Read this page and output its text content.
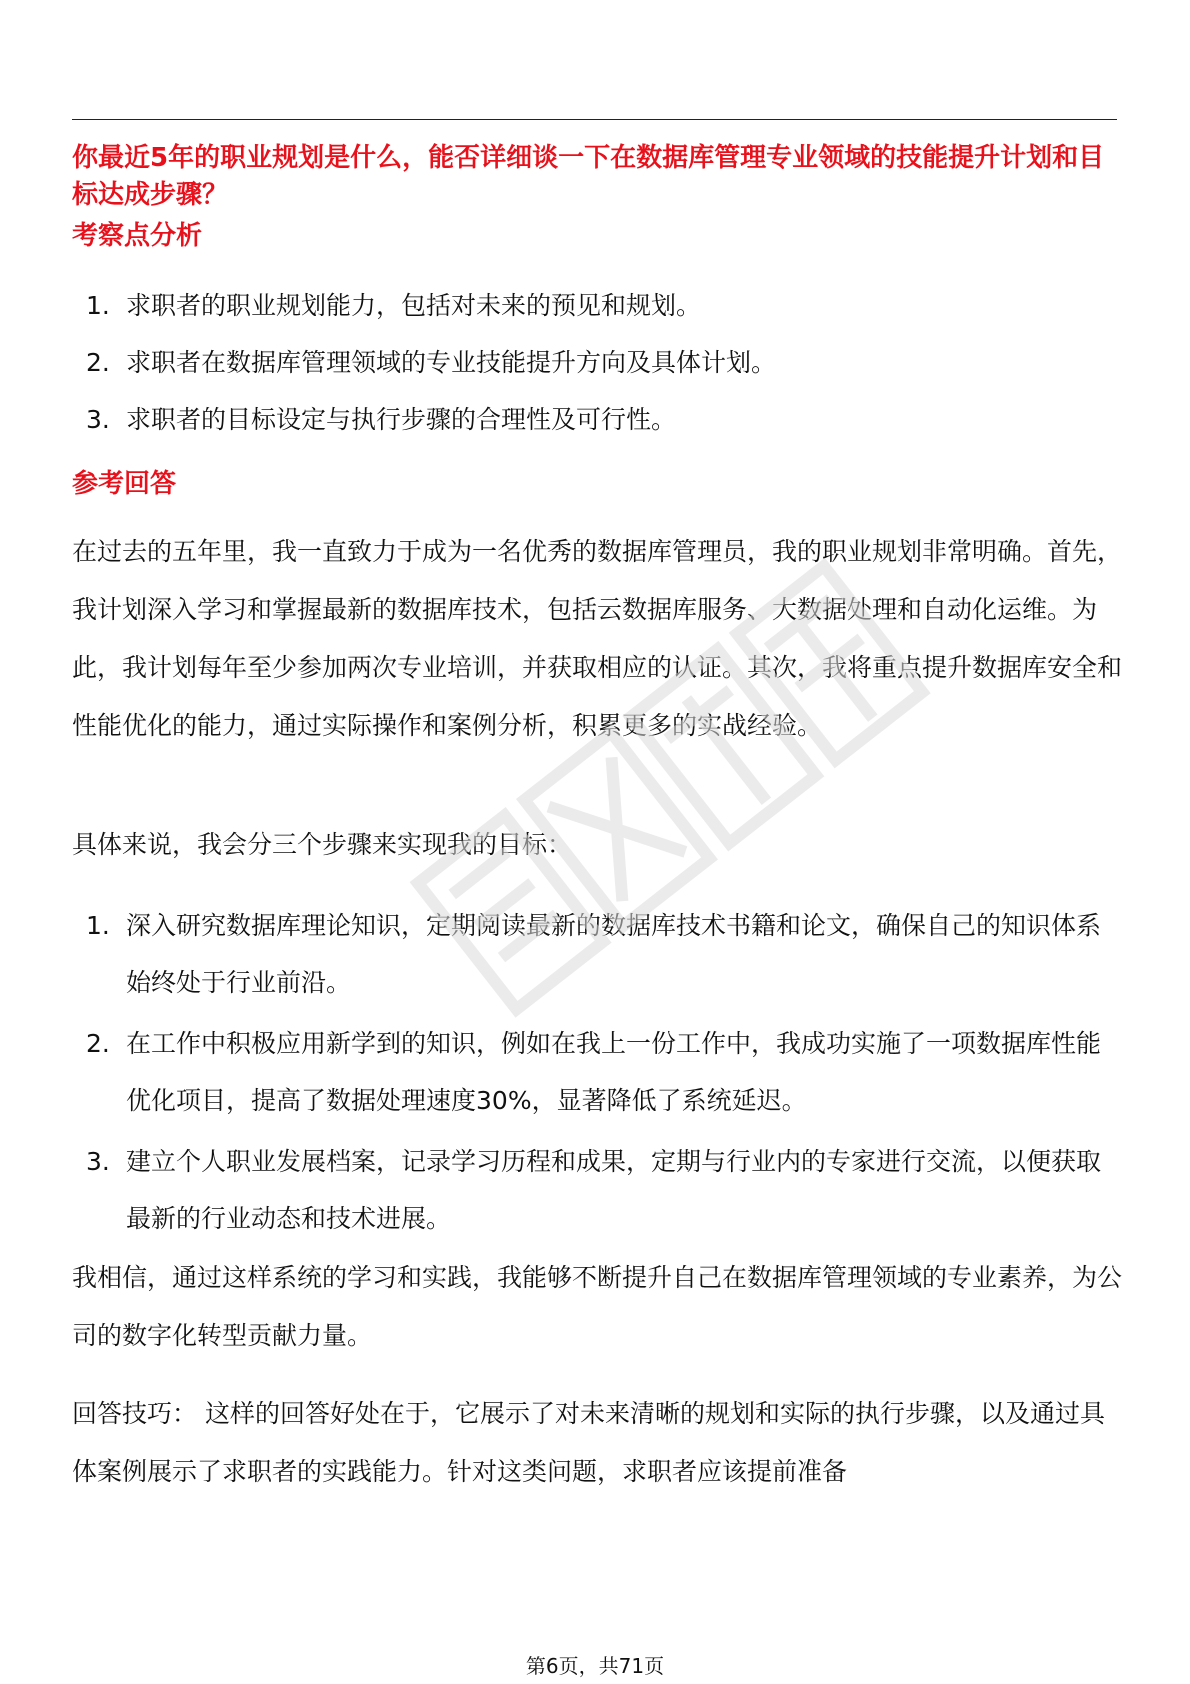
你最近5年的职业规划是什么，能否详细谈一下在数据库管理专业领域的技能提升计划和目标达成步骤？
考察点分析
1. 求职者的职业规划能力，包括对未来的预见和规划。
2. 求职者在数据库管理领域的专业技能提升方向及具体计划。
3. 求职者的目标设定与执行步骤的合理性及可行性。
参考回答

在过去的五年里，我一直致力于成为一名优秀的数据库管理员，我的职业规划非常明确。首先，我计划深入学习和掌握最新的数据库技术，包括云数据库服务、大数据处理和自动化运维。为此，我计划每年至少参加两次专业培训，并获取相应的认证。其次，我将重点提升数据库安全和性能优化的能力，通过实际操作和案例分析，积累更多的实战经验。

具体来说，我会分三个步骤来实现我的目标：

1. 深入研究数据库理论知识，定期阅读最新的数据库技术书籍和论文，确保自己的知识体系始终处于行业前沿。
2. 在工作中积极应用新学到的知识，例如在我上一份工作中，我成功实施了一项数据库性能优化项目，提高了数据处理速度30%，显著降低了系统延迟。
3. 建立个人职业发展档案，记录学习历程和成果，定期与行业内的专家进行交流，以便获取最新的行业动态和技术进展。

我相信，通过这样系统的学习和实践，我能够不断提升自己在数据库管理领域的专业素养，为公司的数字化转型贡献力量。

回答技巧： 这样的回答好处在于，它展示了对未来清晰的规划和实际的执行步骤，以及通过具体案例展示了求职者的实践能力。针对这类问题，求职者应该提前准备

第6页，共71页
